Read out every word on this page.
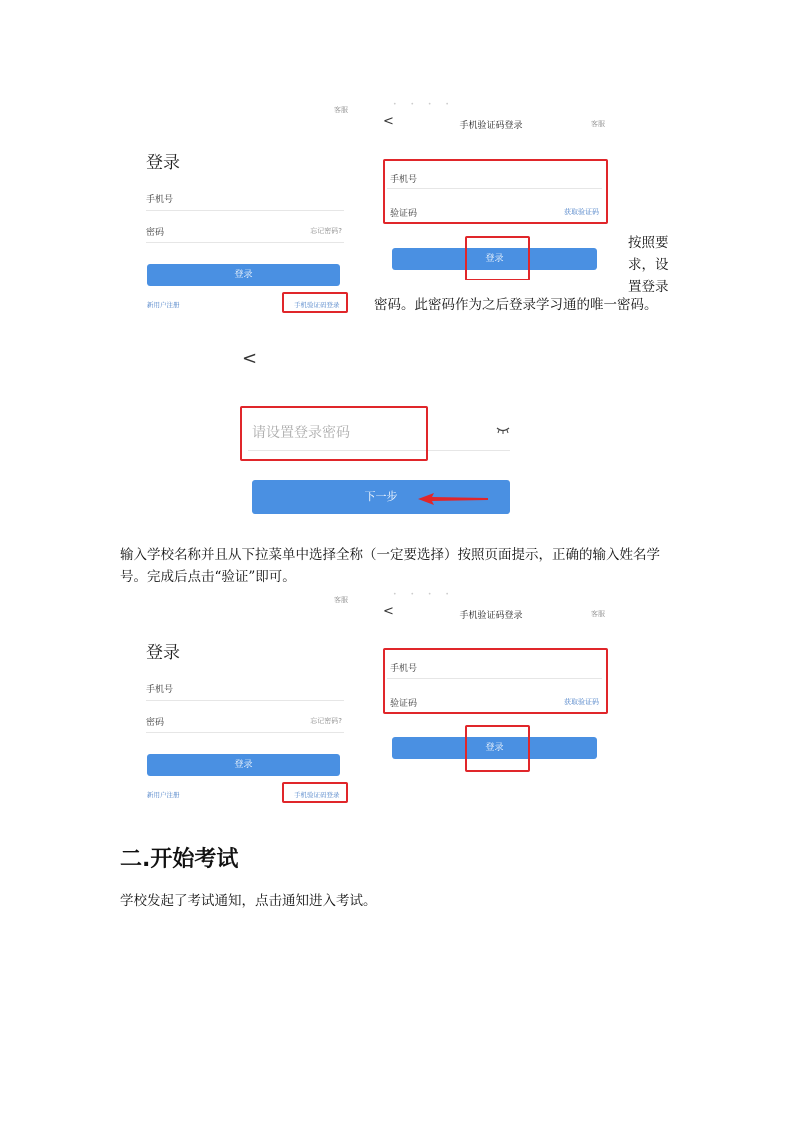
客服
登录
手机号
密码	忘记密码?
登录
新用户注册	手机验证码登录
• • • •
<	手机验证码登录	客服
手机号
验证码	获取验证码
登录
按照要
求，设
置登录
密码。此密码作为之后登录学习通的唯一密码。
<
请设置登录密码
下一步
输入学校名称并且从下拉菜单中选择全称（一定要选择）按照页面提示，正确的输入姓名学
号。完成后点击“验证”即可。
客服
登录
手机号
密码	忘记密码?
登录
新用户注册	手机验证码登录
• • • •
<	手机验证码登录	客服
手机号
验证码	获取验证码
登录
二.开始考试
学校发起了考试通知，点击通知进入考试。
